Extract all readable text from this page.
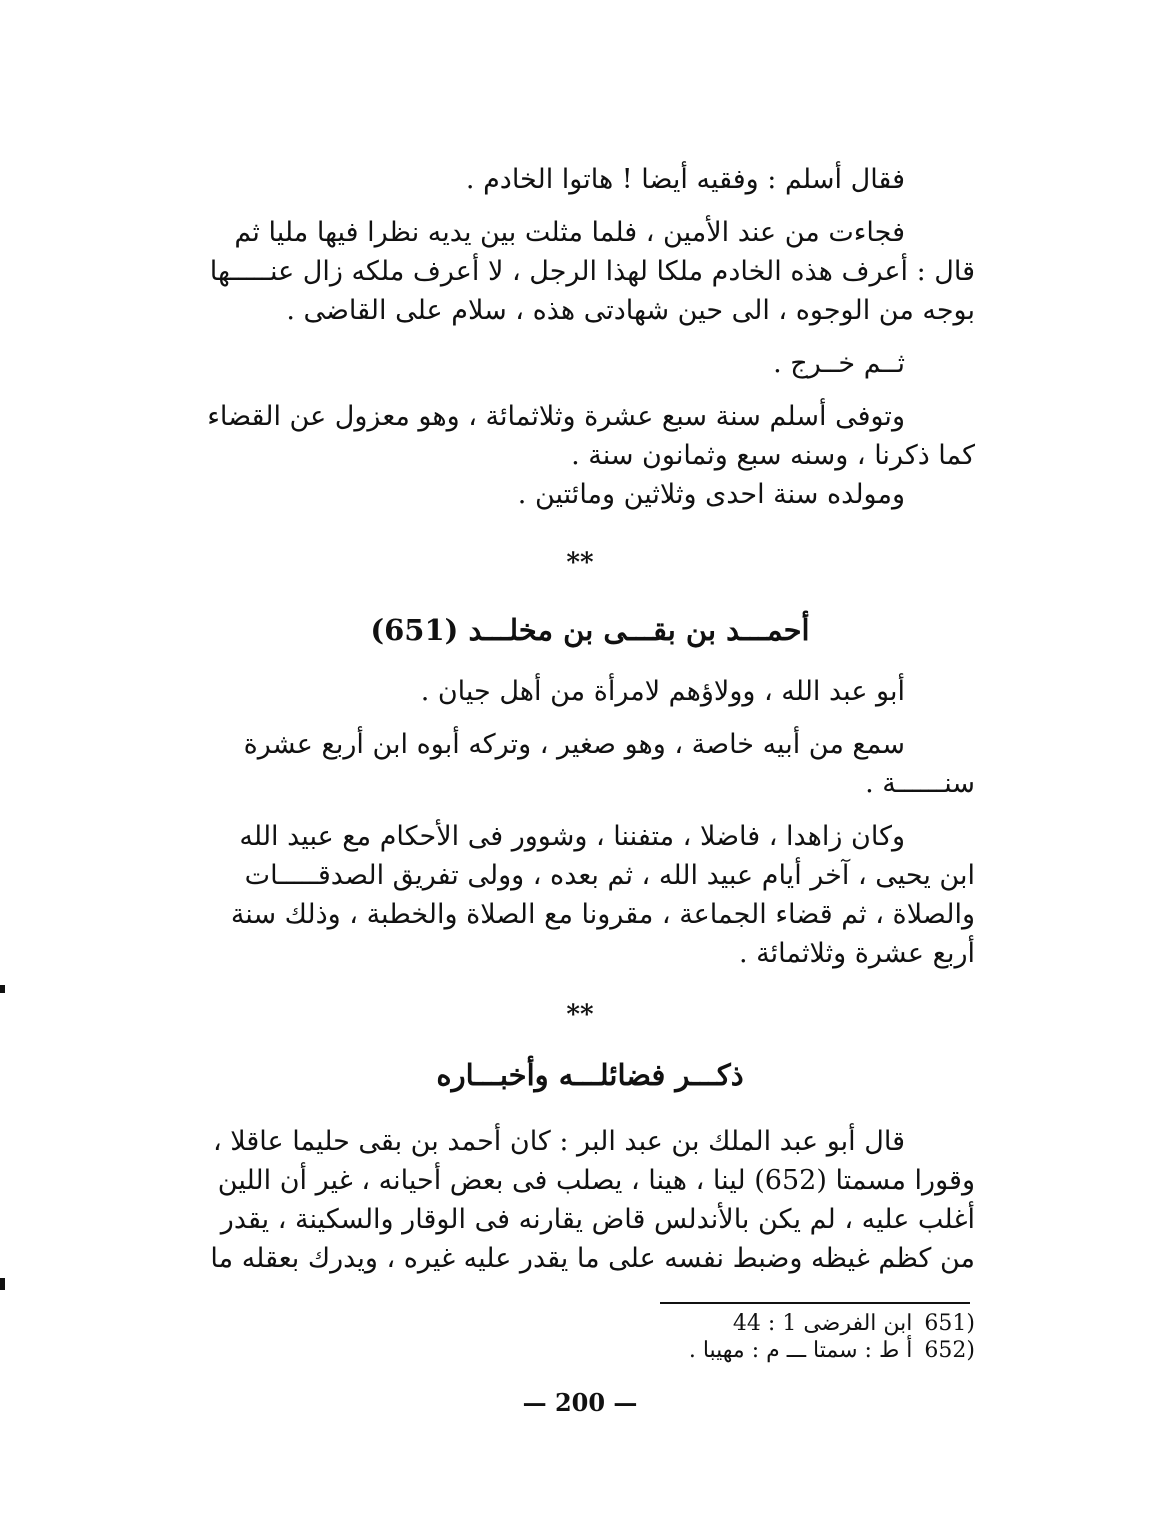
فقال أسلم : وفقيه أيضا ! هاتوا الخادم .

فجاءت من عند الأمين ، فلما مثلت بين يديه نظرا فيها مليا ثم
قال : أعرف هذه الخادم ملكا لهذا الرجل ، لا أعرف ملكه زال عنـــــها
بوجه من الوجوه ، الى حين شهادتى هذه ، سلام على القاضى .

ثــم خــرج .

وتوفى أسلم سنة سبع عشرة وثلاثمائة ، وهو معزول عن القضاء
كما ذكرنا ، وسنه سبع وثمانون سنة .

ومولده سنة احدى وثلاثين ومائتين .

**
أحمـــد بن بقـــى بن مخلـــد (651)

أبو عبد الله ، وولاؤهم لامرأة من أهل جيان .

سمع من أبيه خاصة ، وهو صغير ، وتركه أبوه ابن أربع عشرة
سنــــــة .

وكان زاهدا ، فاضلا ، متفننا ، وشوور فى الأحكام مع عبيد الله
ابن يحيى ، آخر أيام عبيد الله ، ثم بعده ، وولى تفريق الصدقـــــات
والصلاة ، ثم قضاء الجماعة ، مقرونا مع الصلاة والخطبة ، وذلك سنة
أربع عشرة وثلاثمائة .

**
ذكـــر فضائلـــه وأخبـــاره

قال أبو عبد الملك بن عبد البر : كان أحمد بن بقى حليما عاقلا ،
وقورا مسمتا (652) لينا ، هينا ، يصلب فى بعض أحيانه ، غير أن اللين
أغلب عليه ، لم يكن بالأندلس قاض يقارنه فى الوقار والسكينة ، يقدر
من كظم غيظه وضبط نفسه على ما يقدر عليه غيره ، ويدرك بعقله ما

(651ابن الفرضى 1 : 44
(652أ ط : سمتا ـــ م : مهيبا .
— 200 —
